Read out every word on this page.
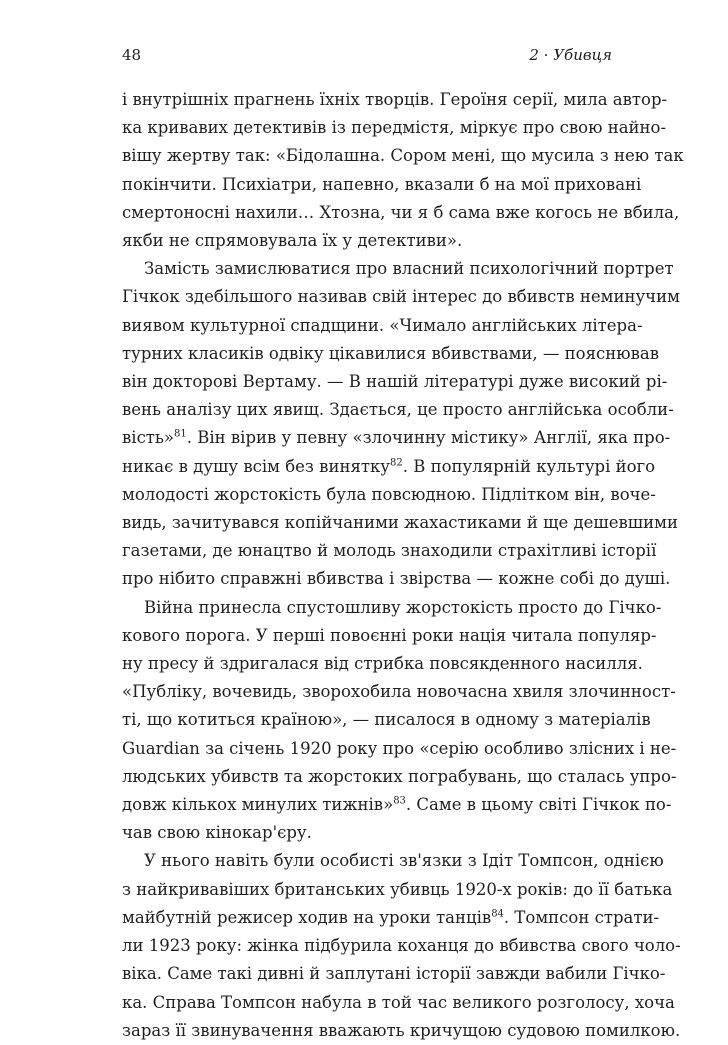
48	2 · Убивця

і внутрішніх прагнень їхніх творців. Героїня серії, мила автор-
ка кривавих детективів із передмістя, міркує про свою найно-
вішу жертву так: «Бідолашна. Сором мені, що мусила з нею так
покінчити. Психіатри, напевно, вказали б на мої приховані
смертоносні нахили… Хтозна, чи я б сама вже когось не вбила,
якби не спрямовувала їх у детективи».

Замість замислюватися про власний психологічний портрет
Гічкок здебільшого називав свій інтерес до вбивств неминучим
виявом культурної спадщини. «Чимало англійських літера-
турних класиків одвіку цікавилися вбивствами, — пояснював
він докторові Вертаму. — В нашій літературі дуже високий рі-
вень аналізу цих явищ. Здається, це просто англійська особли-
вість»$^{81}$. Він вірив у певну «злочинну містику» Англії, яка про-
никає в душу всім без винятку$^{82}$. В популярній культурі його
молодості жорстокість була повсюдною. Підлітком він, воче-
видь, зачитувався копійчаними жахастиками й ще дешевшими
газетами, де юнацтво й молодь знаходили страхітливі історії
про нібито справжні вбивства і звірства — кожне собі до душі.

Війна принесла спустошливу жорстокість просто до Гічко-
кового порога. У перші повоєнні роки нація читала популяр-
ну пресу й здригалася від стрибка повсякденного насилля.
«Публіку, вочевидь, зворохобила новочасна хвиля злочинност-
ті, що котиться країною», — писалося в одному з матеріалів
Guardian за січень 1920 року про «серію особливо злісних і не-
людських убивств та жорстоких пограбувань, що сталась упро-
довж кількох минулих тижнів»$^{83}$. Саме в цьому світі Гічкок по-
чав свою кінокар'єру.

У нього навіть були особисті зв'язки з Ідіт Томпсон, однією
з найкривавіших британських убивць 1920-х років: до її батька
майбутній режисер ходив на уроки танців$^{84}$. Томпсон страти-
ли 1923 року: жінка підбурила коханця до вбивства свого чоло-
віка. Саме такі дивні й заплутані історії завжди вабили Гічко-
ка. Справа Томпсон набула в той час великого розголосу, хоча
зараз її звинувачення вважають кричущою судовою помилкою.
